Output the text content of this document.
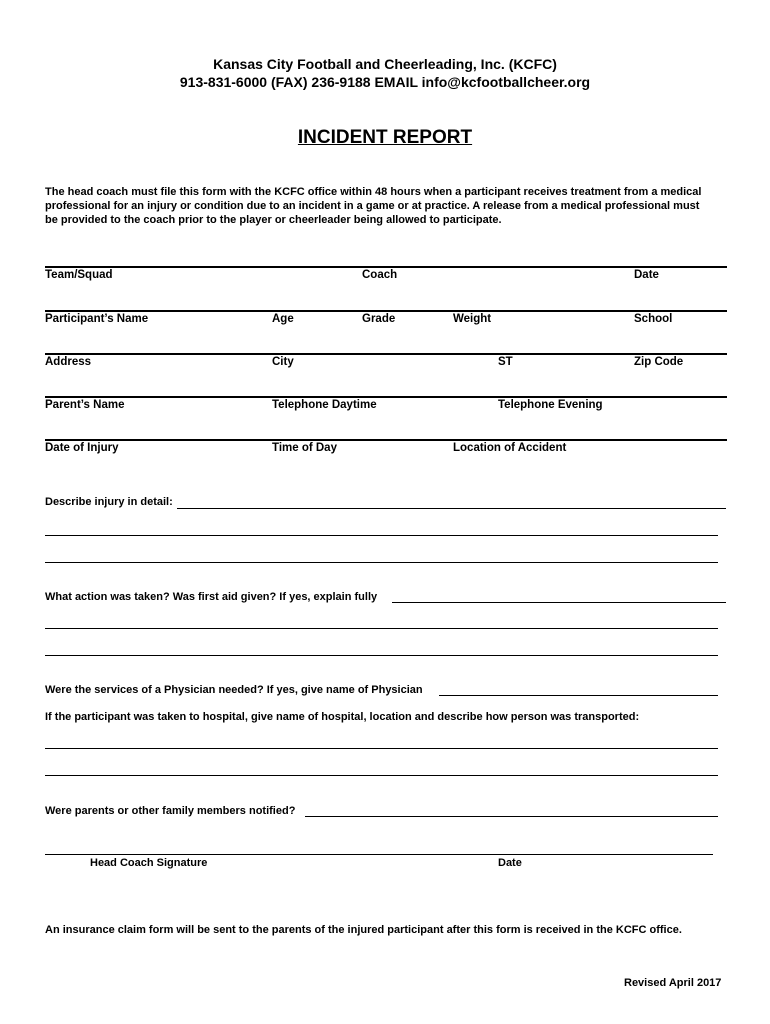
Kansas City Football and Cheerleading, Inc. (KCFC)
913-831-6000 (FAX) 236-9188 EMAIL info@kcfootballcheer.org
INCIDENT REPORT
The head coach must file this form with the KCFC office within 48 hours when a participant receives treatment from a medical
professional for an injury or condition due to an incident in a game or at practice. A release from a medical professional must
be provided to the coach prior to the player or cheerleader being allowed to participate.
Team/Squad	Coach	Date
Participant’s Name	Age	Grade	Weight	School
Address	City	ST	Zip Code
Parent’s Name	Telephone Daytime	Telephone Evening
Date of Injury	Time of Day	Location of Accident
Describe injury in detail:
What action was taken? Was first aid given? If yes, explain fully
Were the services of a Physician needed? If yes, give name of Physician
If the participant was taken to hospital, give name of hospital, location and describe how person was transported:
Were parents or other family members notified?
Head Coach Signature	Date
An insurance claim form will be sent to the parents of the injured participant after this form is received in the KCFC office.
Revised April 2017
